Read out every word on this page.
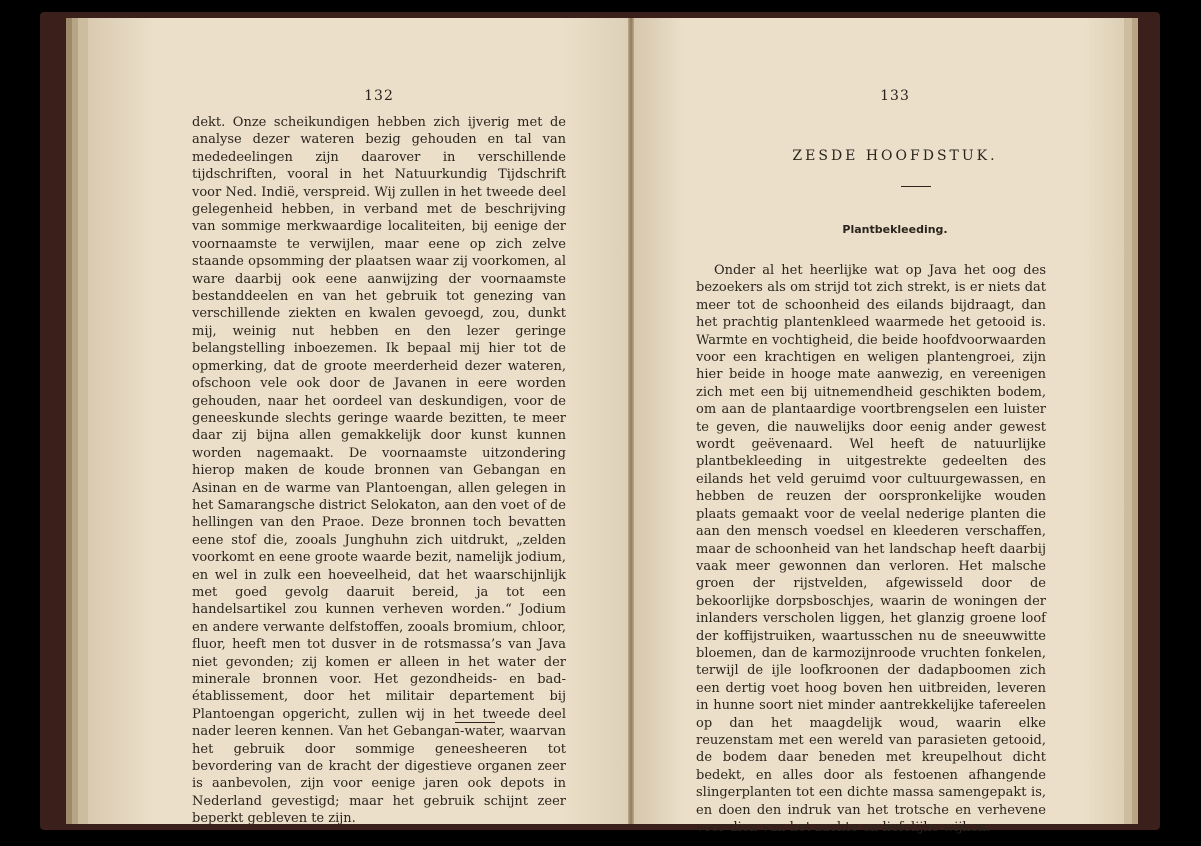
132

dekt. Onze scheikundigen hebben zich ijverig met de analyse dezer wateren bezig gehouden en tal van mededeelingen zijn daarover in verschillende tijdschriften, vooral in het Natuurkundig Tijdschrift voor Ned. Indië, verspreid. Wij zullen in het tweede deel gelegenheid hebben, in verband met de beschrijving van sommige merkwaardige localiteiten, bij eenige der voornaamste te verwijlen, maar eene op zich zelve staande opsomming der plaatsen waar zij voorkomen, al ware daarbij ook eene aanwijzing der voornaamste bestanddeelen en van het gebruik tot genezing van verschillende ziekten en kwalen gevoegd, zou, dunkt mij, weinig nut hebben en den lezer geringe belangstelling inboezemen. Ik bepaal mij hier tot de opmerking, dat de groote meerderheid dezer wateren, ofschoon vele ook door de Javanen in eere worden gehouden, naar het oordeel van deskundigen, voor de geneeskunde slechts geringe waarde bezitten, te meer daar zij bijna allen gemakkelijk door kunst kunnen worden nagemaakt. De voornaamste uitzondering hierop maken de koude bronnen van Gebangan en Asinan en de warme van Plantoengan, allen gelegen in het Samarangsche district Selokaton, aan den voet of de hellingen van den Praoe. Deze bronnen toch bevatten eene stof die, zooals Junghuhn zich uitdrukt, „zelden voorkomt en eene groote waarde bezit, namelijk jodium, en wel in zulk een hoeveelheid, dat het waarschijnlijk met goed gevolg daaruit bereid, ja tot een handelsartikel zou kunnen verheven worden.“ Jodium en andere verwante delfstoffen, zooals bromium, chloor, fluor, heeft men tot dusver in de rotsmassa’s van Java niet gevonden; zij komen er alleen in het water der minerale bronnen voor. Het gezondheids- en bad-établissement, door het militair departement bij Plantoengan opgericht, zullen wij in het tweede deel nader leeren kennen. Van het Gebangan-water, waarvan het gebruik door sommige geneesheeren tot bevordering van de kracht der digestieve organen zeer is aanbevolen, zijn voor eenige jaren ook depots in Nederland gevestigd; maar het gebruik schijnt zeer beperkt gebleven te zijn.

133
ZESDE HOOFDSTUK.
Plantbekleeding.

Onder al het heerlijke wat op Java het oog des bezoekers als om strijd tot zich strekt, is er niets dat meer tot de schoonheid des eilands bijdraagt, dan het prachtig plantenkleed waarmede het getooid is. Warmte en vochtigheid, die beide hoofdvoorwaarden voor een krachtigen en weligen plantengroei, zijn hier beide in hooge mate aanwezig, en vereenigen zich met een bij uitnemendheid geschikten bodem, om aan de plantaardige voortbrengselen een luister te geven, die nauwelijks door eenig ander gewest wordt geëvenaard. Wel heeft de natuurlijke plantbekleeding in uitgestrekte gedeelten des eilands het veld geruimd voor cultuurgewassen, en hebben de reuzen der oorspronkelijke wouden plaats gemaakt voor de veelal nederige planten die aan den mensch voedsel en kleederen verschaffen, maar de schoonheid van het landschap heeft daarbij vaak meer gewonnen dan verloren. Het malsche groen der rijstvelden, afgewisseld door de bekoorlijke dorpsboschjes, waarin de woningen der inlanders verscholen liggen, het glanzig groene loof der koffijstruiken, waartusschen nu de sneeuwwitte bloemen, dan de karmozijnroode vruchten fonkelen, terwijl de ijle loofkroonen der dadapboomen zich een dertig voet hoog boven hen uitbreiden, leveren in hunne soort niet minder aantrekkelijke tafereelen op dan het maagdelijk woud, waarin elke reuzenstam met een wereld van parasieten getooid, de bodem daar beneden met kreupelhout dicht bedekt, en alles door als festoenen afhangende slingerplanten tot een dichte massa samengepakt is, en doen den indruk van het trotsche en verhevene voor dien van het zachte en liefelijke wijken.
